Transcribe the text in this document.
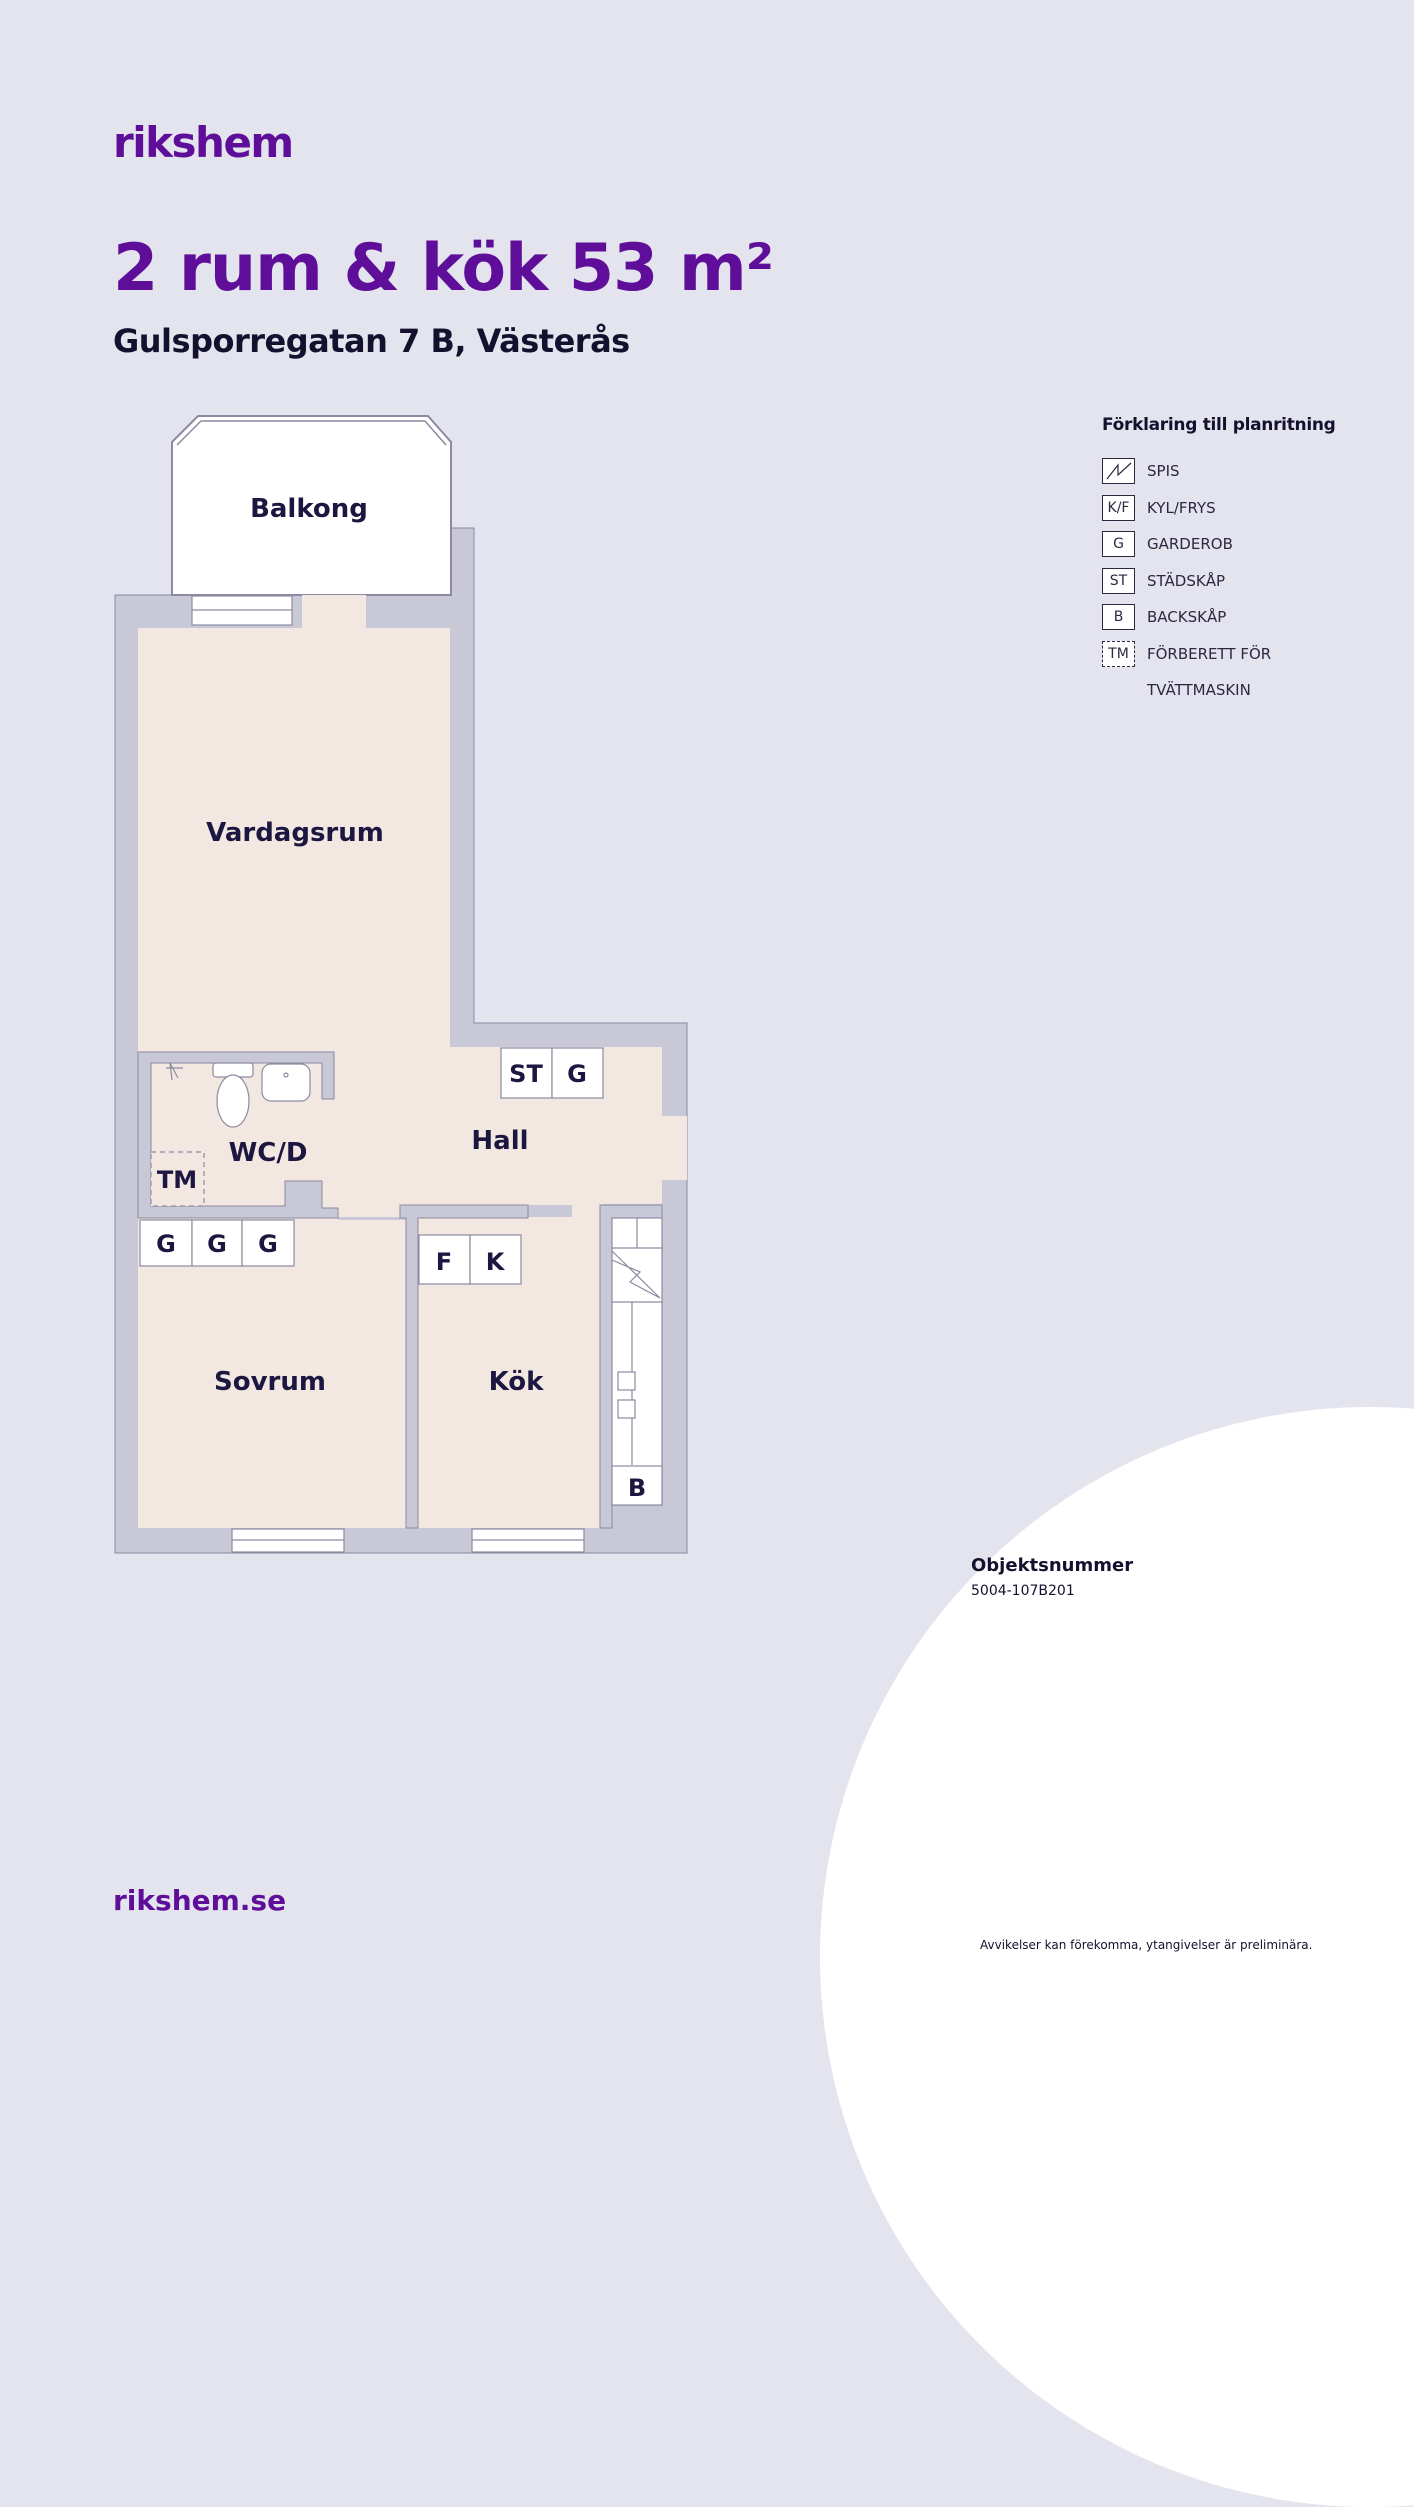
rikshem
2 rum & kök 53 m²
Gulsporregatan 7 B, Västerås
TM
ST G
G G G
F K
B
Balkong
Vardagsrum
WC/D	Hall
Sovrum	Kök
Förklaring till planritning
SPIS
K/F	KYL/FRYS
G	GARDEROB
ST	STÄDSKÅP
B	BACKSKÅP
TM	FÖRBERETT FÖR
TVÄTTMASKIN
Objektsnummer
5004-107B201
rikshem.se
Avvikelser kan förekomma, ytangivelser är preliminära.
